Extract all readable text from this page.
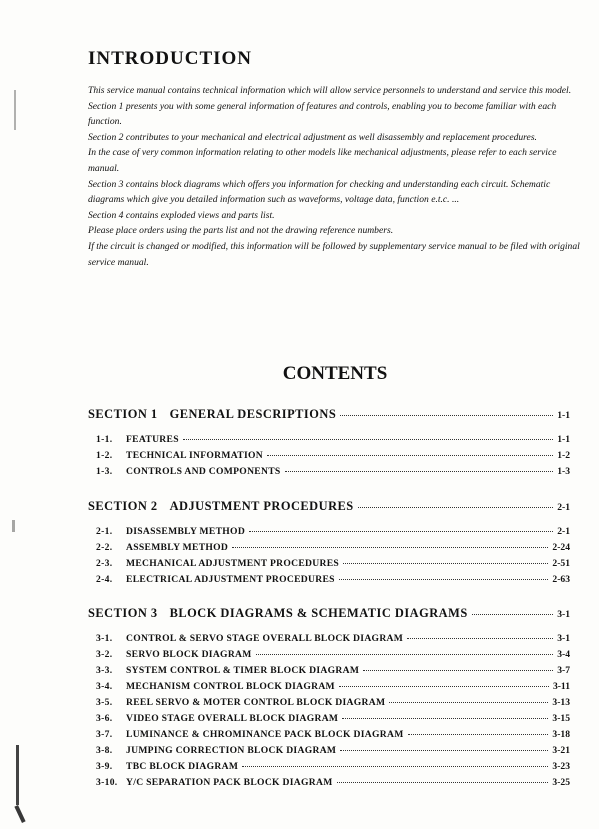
INTRODUCTION

This service manual contains technical information which will allow service personnels to understand and service this model.

Section 1 presents you with some general information of features and controls, enabling you to become familiar with each function.

Section 2 contributes to your mechanical and electrical adjustment as well disassembly and replacement procedures.

In the case of very common information relating to other models like mechanical adjustments, please refer to each service manual.

Section 3 contains block diagrams which offers you information for checking and understanding each circuit. Schematic diagrams which give you detailed information such as waveforms, voltage data, function e.t.c. ...

Section 4 contains exploded views and parts list.

Please place orders using the parts list and not the drawing reference numbers.

If the circuit is changed or modified, this information will be followed by supplementary service manual to be filed with original service manual.

CONTENTS
SECTION 1 GENERAL DESCRIPTIONS	1-1
1-1.	FEATURES	1-1
1-2.	TECHNICAL INFORMATION	1-2
1-3.	CONTROLS AND COMPONENTS	1-3
SECTION 2 ADJUSTMENT PROCEDURES	2-1
2-1.	DISASSEMBLY METHOD	2-1
2-2.	ASSEMBLY METHOD	2-24
2-3.	MECHANICAL ADJUSTMENT PROCEDURES	2-51
2-4.	ELECTRICAL ADJUSTMENT PROCEDURES	2-63
SECTION 3 BLOCK DIAGRAMS & SCHEMATIC DIAGRAMS	3-1
3-1.	CONTROL & SERVO STAGE OVERALL BLOCK DIAGRAM	3-1
3-2.	SERVO BLOCK DIAGRAM	3-4
3-3.	SYSTEM CONTROL & TIMER BLOCK DIAGRAM	3-7
3-4.	MECHANISM CONTROL BLOCK DIAGRAM	3-11
3-5.	REEL SERVO & MOTER CONTROL BLOCK DIAGRAM	3-13
3-6.	VIDEO STAGE OVERALL BLOCK DIAGRAM	3-15
3-7.	LUMINANCE & CHROMINANCE PACK BLOCK DIAGRAM	3-18
3-8.	JUMPING CORRECTION BLOCK DIAGRAM	3-21
3-9.	TBC BLOCK DIAGRAM	3-23
3-10. Y/C SEPARATION PACK BLOCK DIAGRAM	3-25
